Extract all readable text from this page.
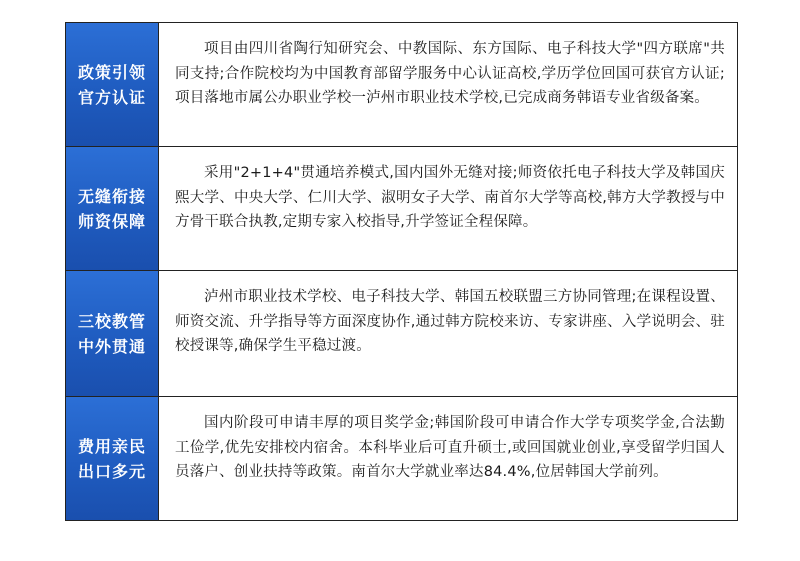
政策引领
官方认证
项目由四川省陶行知研究会、中教国际、东方国际、电子科技大学"四方联席"共同支持;合作院校均为中国教育部留学服务中心认证高校,学历学位回国可获官方认证;项目落地市属公办职业学校一泸州市职业技术学校,已完成商务韩语专业省级备案。
无缝衔接
师资保障
采用"2+1+4"贯通培养模式,国内国外无缝对接;师资依托电子科技大学及韩国庆熙大学、中央大学、仁川大学、淑明女子大学、南首尔大学等高校,韩方大学教授与中方骨干联合执教,定期专家入校指导,升学签证全程保障。
三校教管
中外贯通
泸州市职业技术学校、电子科技大学、韩国五校联盟三方协同管理;在课程设置、师资交流、升学指导等方面深度协作,通过韩方院校来访、专家讲座、入学说明会、驻校授课等,确保学生平稳过渡。
费用亲民
出口多元
国内阶段可申请丰厚的项目奖学金;韩国阶段可申请合作大学专项奖学金,合法勤工俭学,优先安排校内宿舍。本科毕业后可直升硕士,或回国就业创业,享受留学归国人员落户、创业扶持等政策。南首尔大学就业率达84.4%,位居韩国大学前列。
